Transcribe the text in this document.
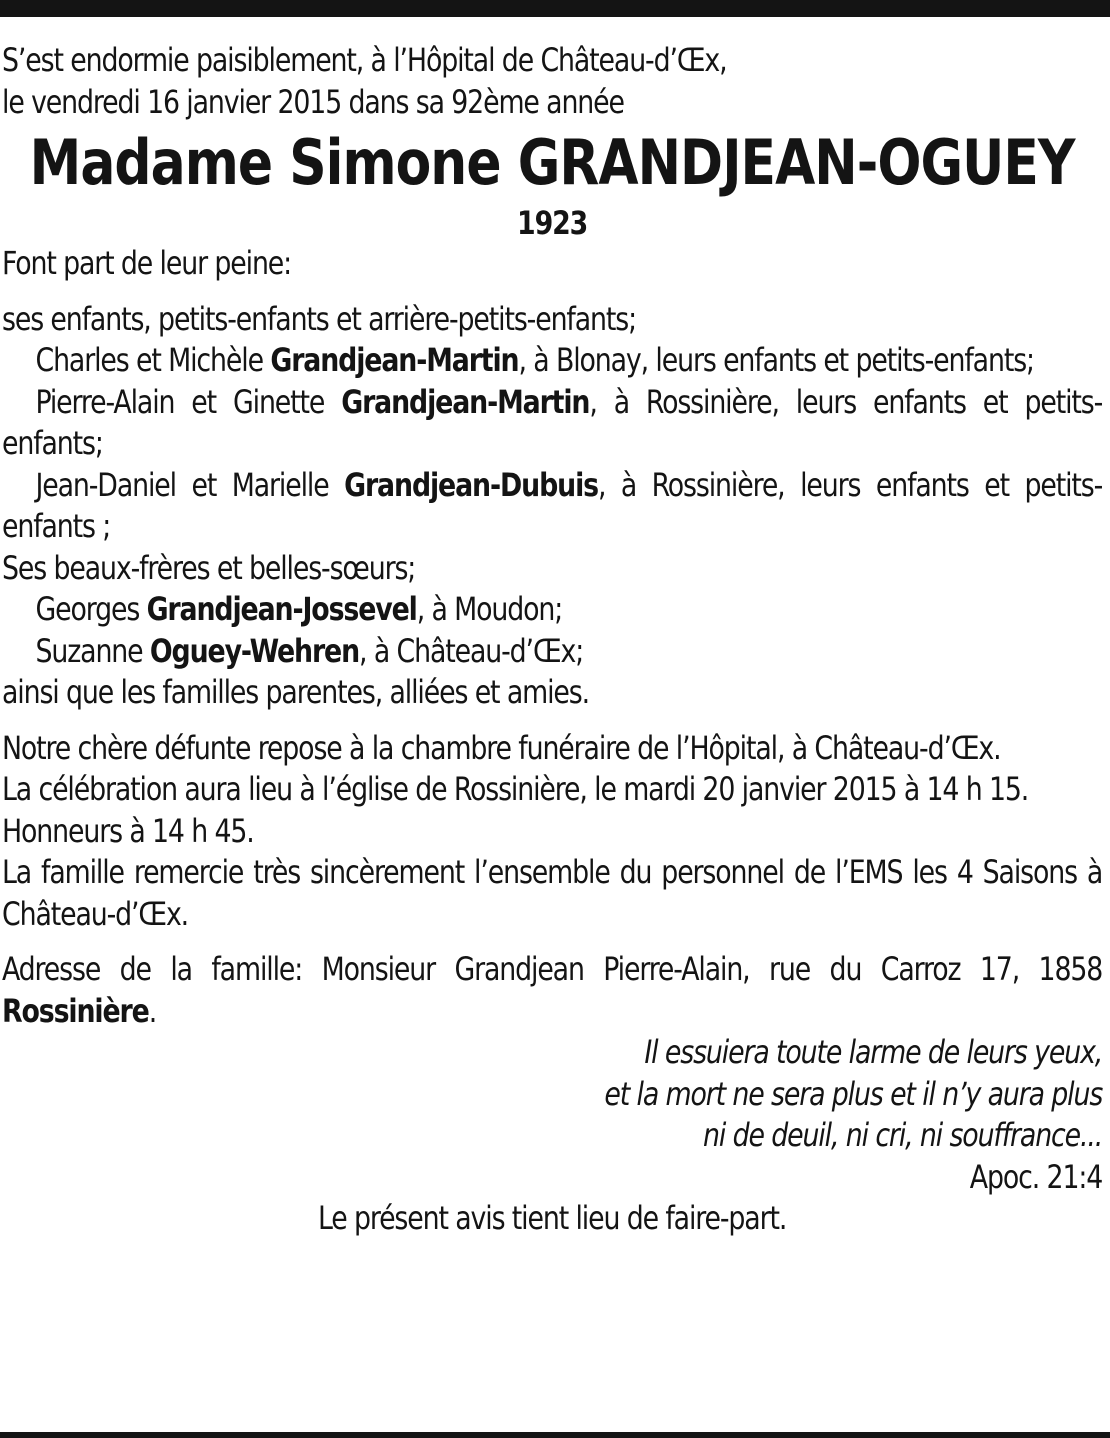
S’est endormie paisiblement, à l’Hôpital de Château-d’Œx,

le vendredi 16 janvier 2015 dans sa 92ème année

Madame Simone GRANDJEAN-OGUEY

1923

Font part de leur peine:

ses enfants, petits-enfants et arrière-petits-enfants;

Charles et Michèle Grandjean-Martin, à Blonay, leurs enfants et petits-enfants;

Pierre-Alain et Ginette Grandjean-Martin, à Rossinière, leurs enfants et petits-enfants;

Jean-Daniel et Marielle Grandjean-Dubuis, à Rossinière, leurs enfants et petits-enfants ;

Ses beaux-frères et belles-sœurs;

Georges Grandjean-Jossevel, à Moudon;

Suzanne Oguey-Wehren, à Château-d’Œx;

ainsi que les familles parentes, alliées et amies.

Notre chère défunte repose à la chambre funéraire de l’Hôpital, à Château-d’Œx.

La célébration aura lieu à l’église de Rossinière, le mardi 20 janvier 2015 à 14 h 15.

Honneurs à 14 h 45.

La famille remercie très sincèrement l’ensemble du personnel de l’EMS les 4 Saisons à Château-d’Œx.

Adresse de la famille: Monsieur Grandjean Pierre-Alain, rue du Carroz 17, 1858 Rossinière.

Il essuiera toute larme de leurs yeux,

et la mort ne sera plus et il n’y aura plus

ni de deuil, ni cri, ni souffrance...

Apoc. 21:4

Le présent avis tient lieu de faire-part.
